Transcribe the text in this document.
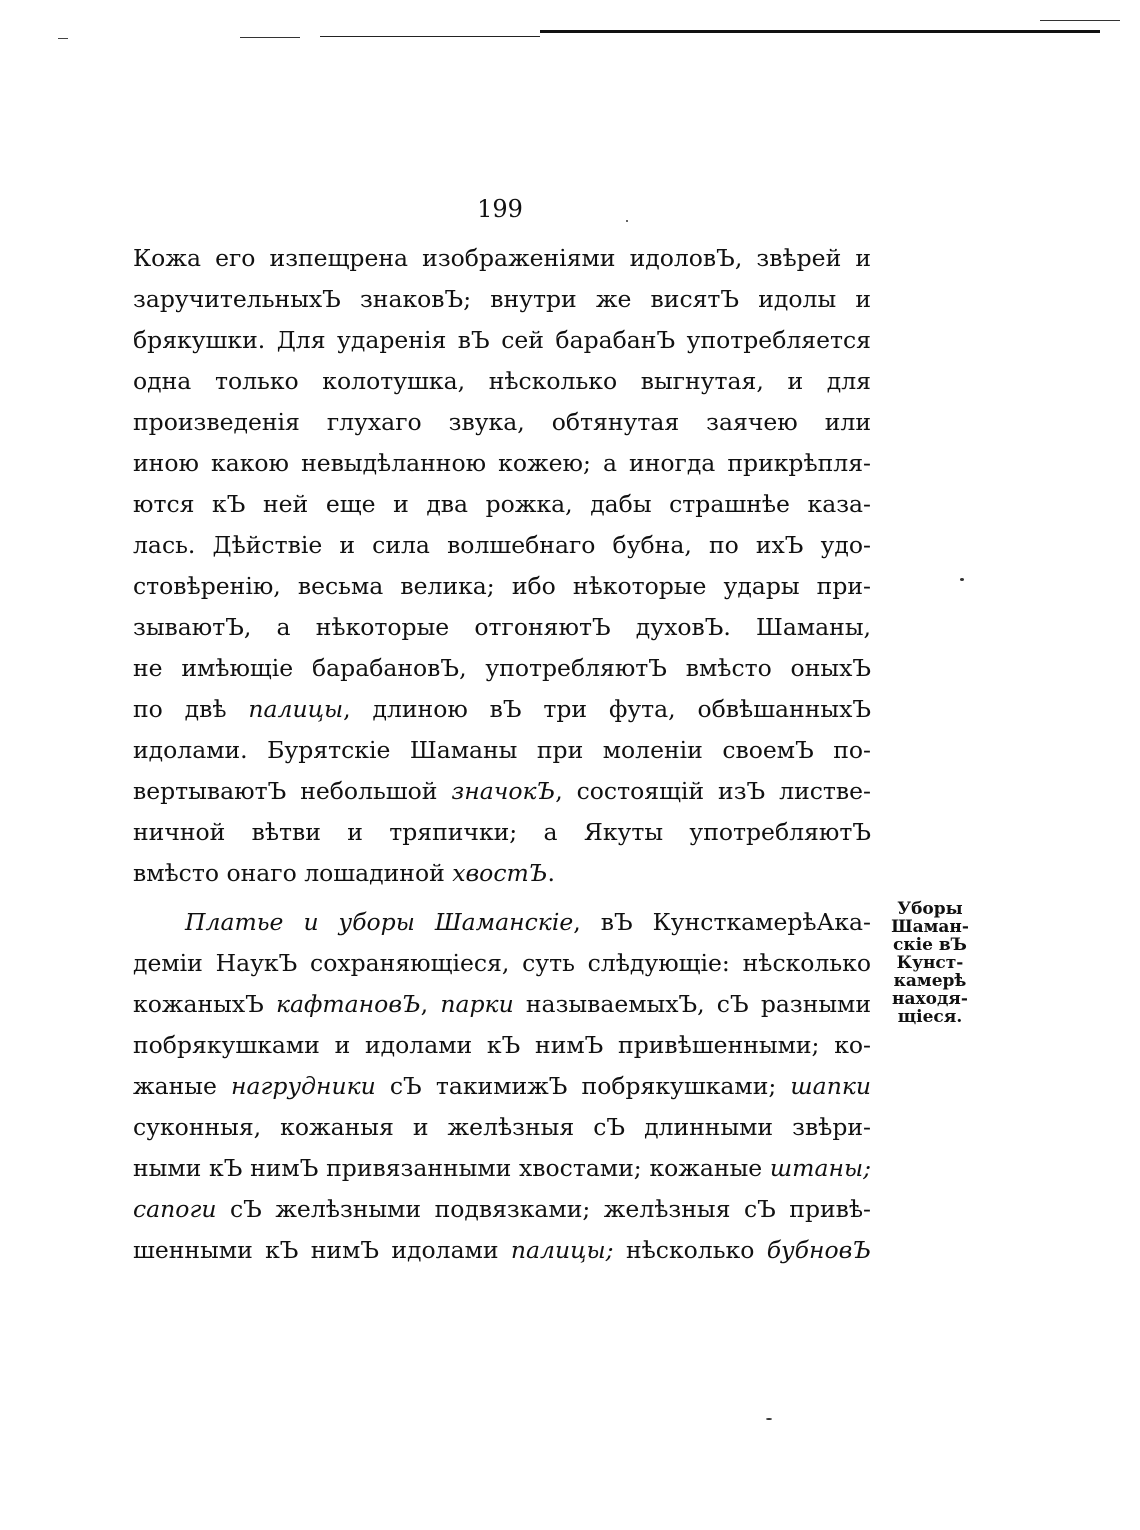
199
Кожа его изпещрена изображеніями идоловЪ, звѣрей и
заручительныхЪ знаковЪ; внутри же висятЪ идолы и
брякушки. Для ударенія вЪ сей барабанЪ употребляется
одна только колотушка, нѣсколько выгнутая, и для
произведенія глухаго звука, обтянутая заячею или
иною какою невыдѣланною кожею; а иногда прикрѣпля-
ются кЪ ней еще и два рожка, дабы страшнѣе каза-
лась. Дѣйствіе и сила волшебнаго бубна, по ихЪ удо-
стовѣренію, весьма велика; ибо нѣкоторые удары при-
зываютЪ, а нѣкоторые отгоняютЪ духовЪ. Шаманы,
не имѣющіе барабановЪ, употребляютЪ вмѣсто оныхЪ
по двѣ палицы, длиною вЪ три фута, обвѣшанныхЪ
идолами. Бурятскіе Шаманы при моленіи своемЪ по-
вертываютЪ небольшой значокЪ, состоящій изЪ листве-
ничной вѣтви и тряпички; а Якуты употребляютЪ
вмѣсто онаго лошадиной хвостЪ.
Платье и уборы Шаманскіе, вЪ КунсткамерѣАка-
деміи НаукЪ сохраняющіеся, суть слѣдующіе: нѣсколько
кожаныхЪ кафтановЪ, парки называемыхЪ, сЪ разными
побрякушками и идолами кЪ нимЪ привѣшенными; ко-
жаные нагрудники сЪ такимижЪ побрякушками; шапки
суконныя, кожаныя и желѣзныя сЪ длинными звѣри-
ными кЪ нимЪ привязанными хвостами; кожаные штаны;
сапоги сЪ желѣзными подвязками; желѣзныя сЪ привѣ-
шенными кЪ нимЪ идолами палицы; нѣсколько бубновЪ
Уборы
Шаман-
скіе вЪ
Кунст-
камерѣ
находя-
щіеся.
